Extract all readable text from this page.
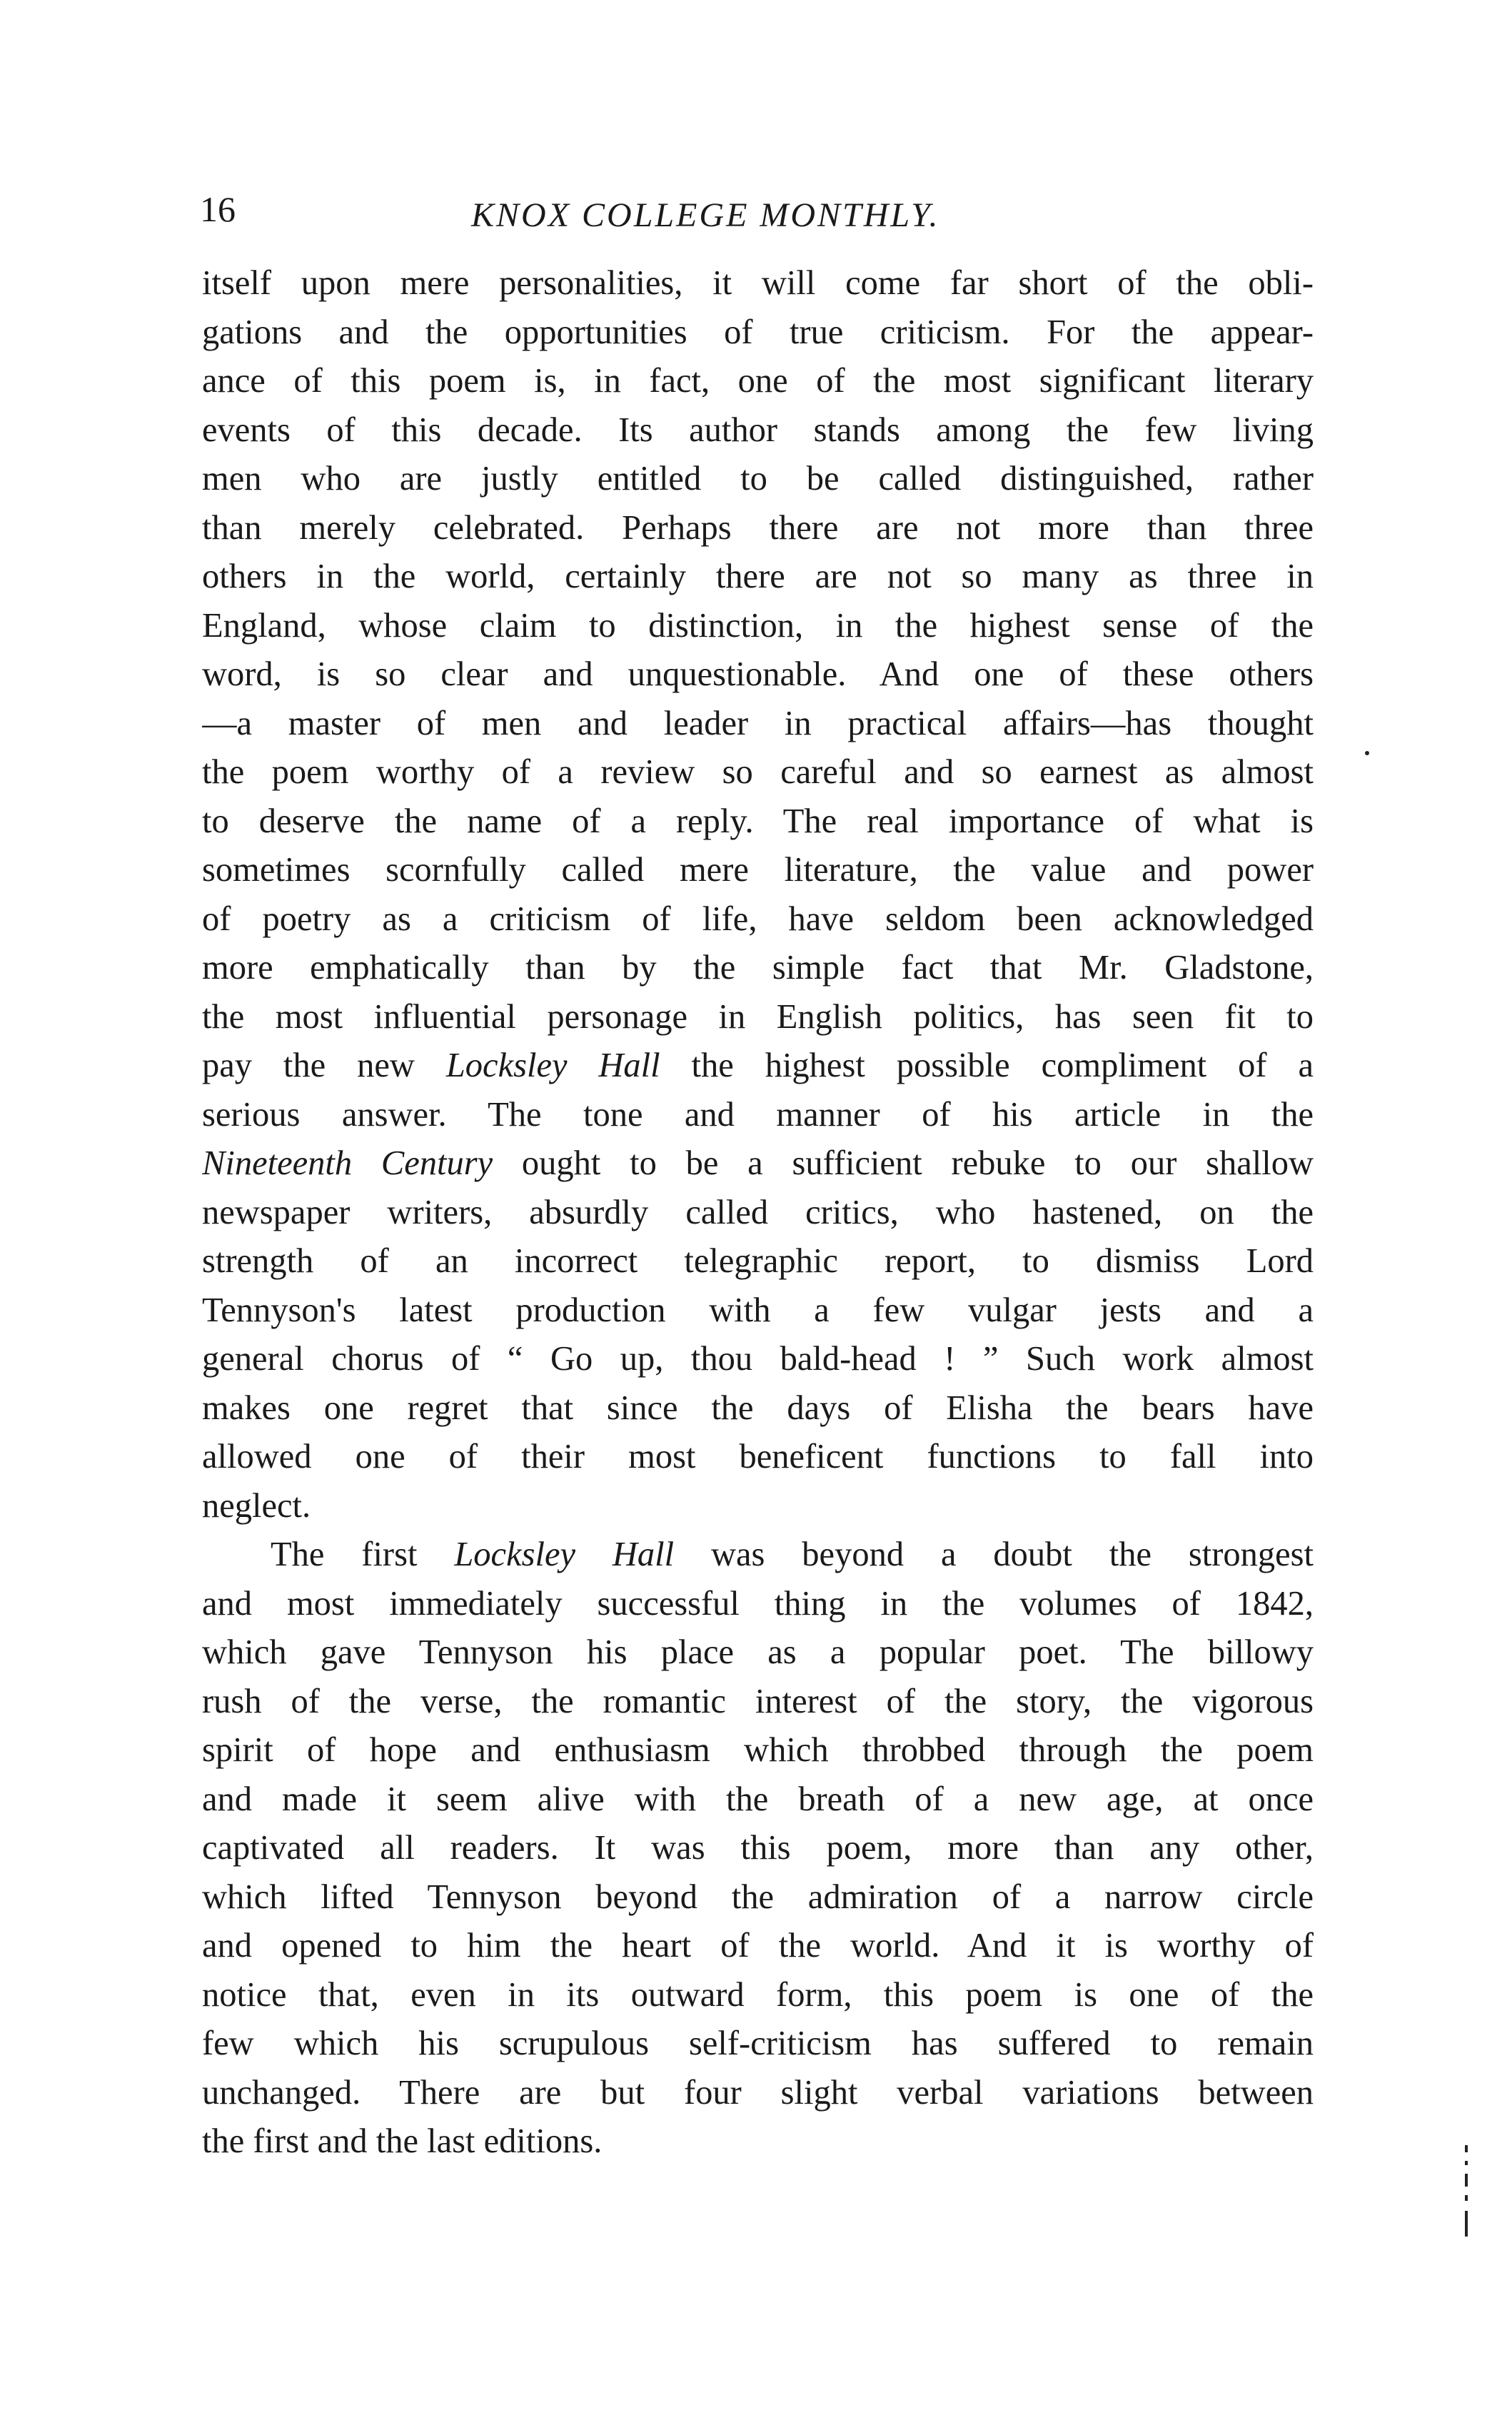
16	KNOX COLLEGE MONTHLY.
itself upon mere personalities, it will come far short of the obli-
gations and the opportunities of true criticism. For the appear-
ance of this poem is, in fact, one of the most significant literary
events of this decade. Its author stands among the few living
men who are justly entitled to be called distinguished, rather
than merely celebrated. Perhaps there are not more than three
others in the world, certainly there are not so many as three in
England, whose claim to distinction, in the highest sense of the
word, is so clear and unquestionable. And one of these others
—a master of men and leader in practical affairs—has thought
the poem worthy of a review so careful and so earnest as almost
to deserve the name of a reply. The real importance of what is
sometimes scornfully called mere literature, the value and power
of poetry as a criticism of life, have seldom been acknowledged
more emphatically than by the simple fact that Mr. Gladstone,
the most influential personage in English politics, has seen fit to
pay the new Locksley Hall the highest possible compliment of a
serious answer. The tone and manner of his article in the
Nineteenth Century ought to be a sufficient rebuke to our shallow
newspaper writers, absurdly called critics, who hastened, on the
strength of an incorrect telegraphic report, to dismiss Lord
Tennyson's latest production with a few vulgar jests and a
general chorus of “ Go up, thou bald-head ! ” Such work almost
makes one regret that since the days of Elisha the bears have
allowed one of their most beneficent functions to fall into
neglect.
The first Locksley Hall was beyond a doubt the strongest
and most immediately successful thing in the volumes of 1842,
which gave Tennyson his place as a popular poet. The billowy
rush of the verse, the romantic interest of the story, the vigorous
spirit of hope and enthusiasm which throbbed through the poem
and made it seem alive with the breath of a new age, at once
captivated all readers. It was this poem, more than any other,
which lifted Tennyson beyond the admiration of a narrow circle
and opened to him the heart of the world. And it is worthy of
notice that, even in its outward form, this poem is one of the
few which his scrupulous self-criticism has suffered to remain
unchanged. There are but four slight verbal variations between
the first and the last editions.
